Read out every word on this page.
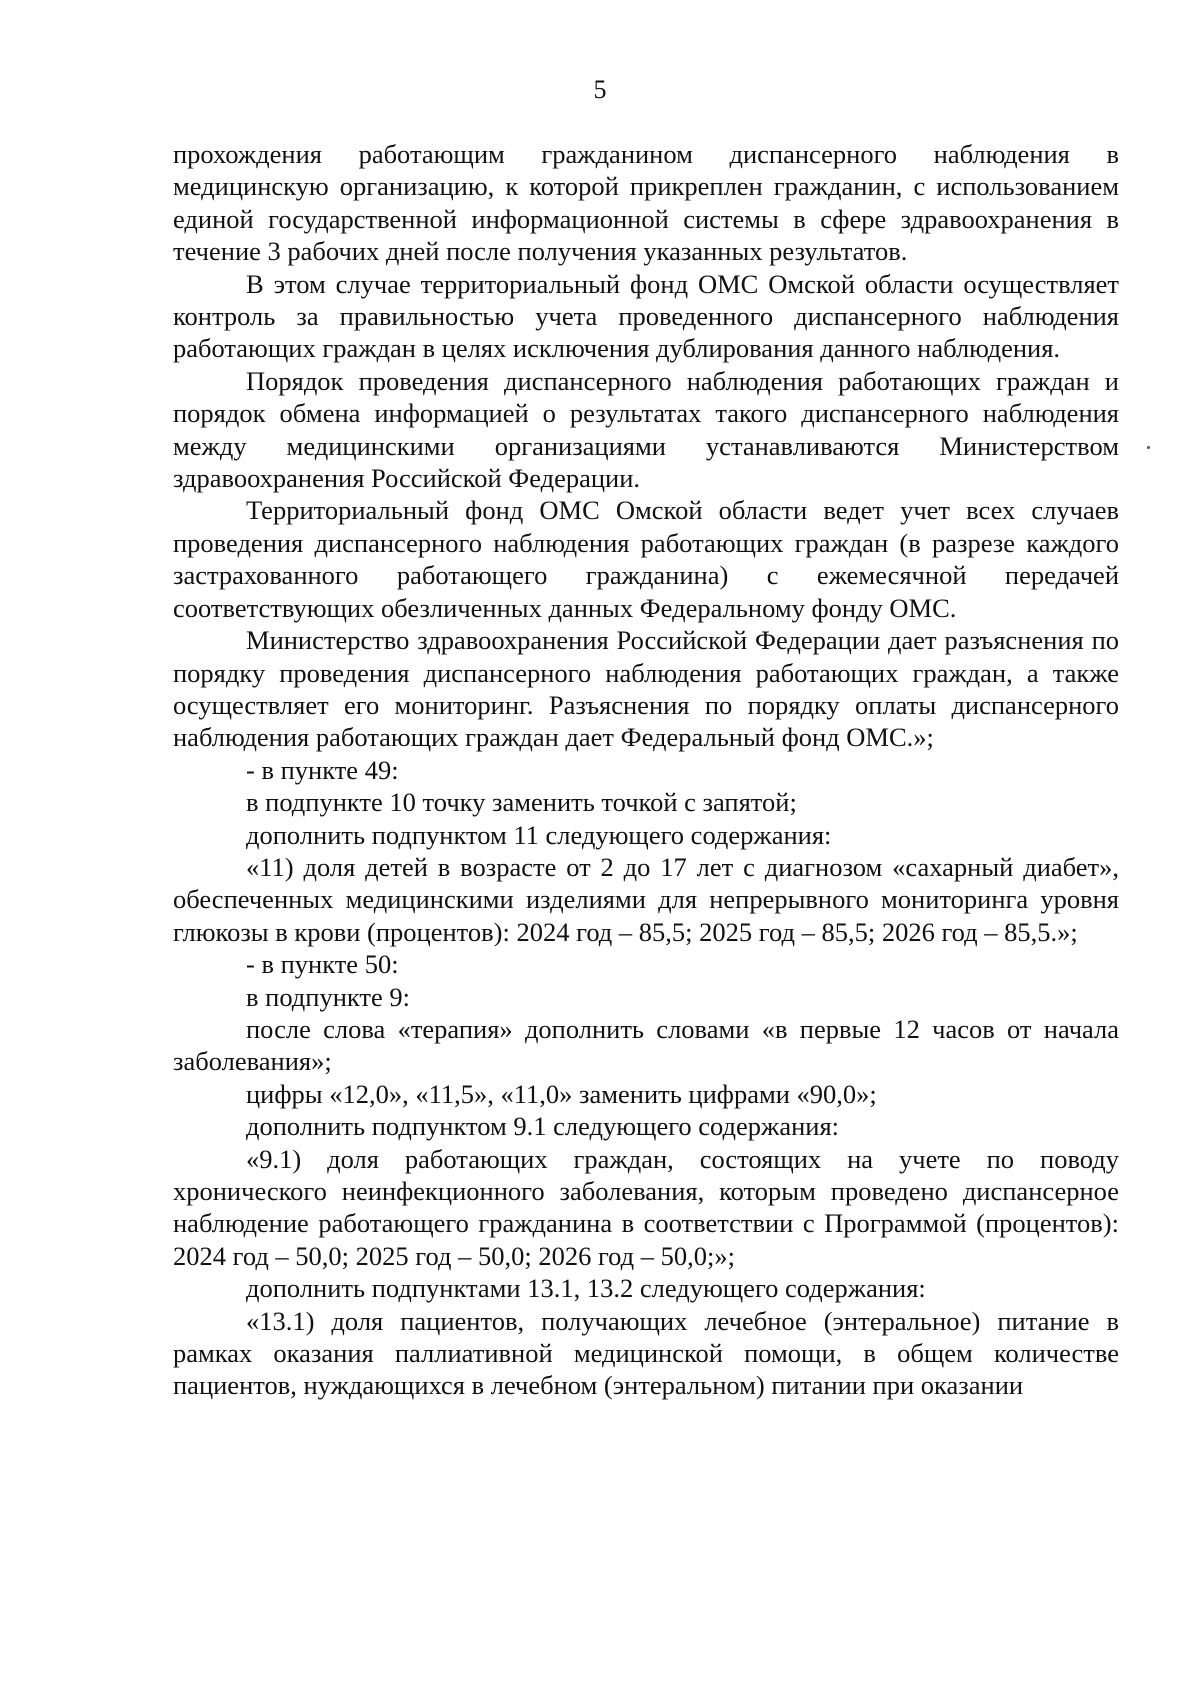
5

прохождения работающим гражданином диспансерного наблюдения в медицинскую организацию, к которой прикреплен гражданин, с использованием единой государственной информационной системы в сфере здравоохранения в течение 3 рабочих дней после получения указанных результатов.

В этом случае территориальный фонд ОМС Омской области осуществляет контроль за правильностью учета проведенного диспансерного наблюдения работающих граждан в целях исключения дублирования данного наблюдения.

Порядок проведения диспансерного наблюдения работающих граждан и порядок обмена информацией о результатах такого диспансерного наблюдения между медицинскими организациями устанавливаются Министерством здравоохранения Российской Федерации.

Территориальный фонд ОМС Омской области ведет учет всех случаев проведения диспансерного наблюдения работающих граждан (в разрезе каждого застрахованного работающего гражданина) с ежемесячной передачей соответствующих обезличенных данных Федеральному фонду ОМС.

Министерство здравоохранения Российской Федерации дает разъяснения по порядку проведения диспансерного наблюдения работающих граждан, а также осуществляет его мониторинг. Разъяснения по порядку оплаты диспансерного наблюдения работающих граждан дает Федеральный фонд ОМС.»;

- в пункте 49:

в подпункте 10 точку заменить точкой с запятой;

дополнить подпунктом 11 следующего содержания:

«11) доля детей в возрасте от 2 до 17 лет с диагнозом «сахарный диабет», обеспеченных медицинскими изделиями для непрерывного мониторинга уровня глюкозы в крови (процентов): 2024 год – 85,5; 2025 год – 85,5; 2026 год – 85,5.»;

- в пункте 50:

в подпункте 9:

после слова «терапия» дополнить словами «в первые 12 часов от начала заболевания»;

цифры «12,0», «11,5», «11,0» заменить цифрами «90,0»;

дополнить подпунктом 9.1 следующего содержания:

«9.1) доля работающих граждан, состоящих на учете по поводу хронического неинфекционного заболевания, которым проведено диспансерное наблюдение работающего гражданина в соответствии с Программой (процентов): 2024 год – 50,0; 2025 год – 50,0; 2026 год – 50,0;»;

дополнить подпунктами 13.1, 13.2 следующего содержания:

«13.1) доля пациентов, получающих лечебное (энтеральное) питание в рамках оказания паллиативной медицинской помощи, в общем количестве пациентов, нуждающихся в лечебном (энтеральном) питании при оказании
